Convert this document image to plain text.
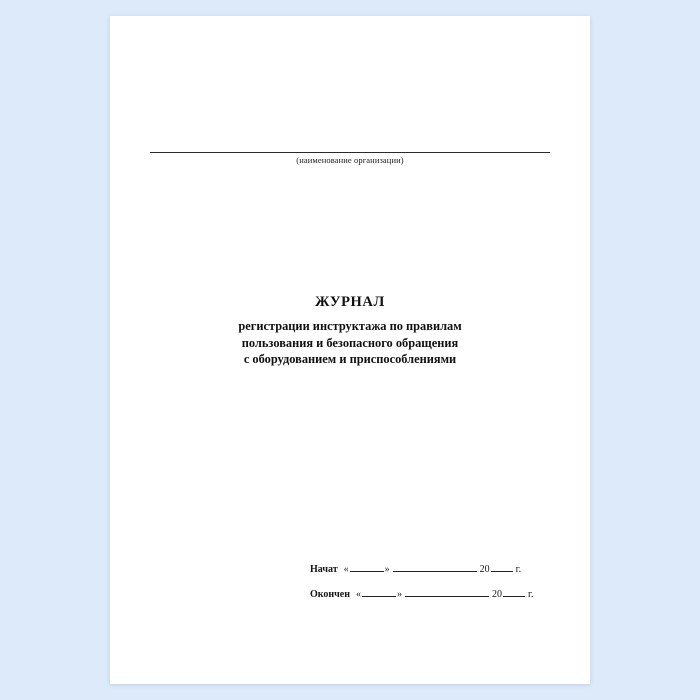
(наименование организации)
ЖУРНАЛ
регистрации инструктажа по правилам
пользования и безопасного обращения
с оборудованием и приспособлениями
Начат «	»	20	г.
Окончен «	»	20	г.
